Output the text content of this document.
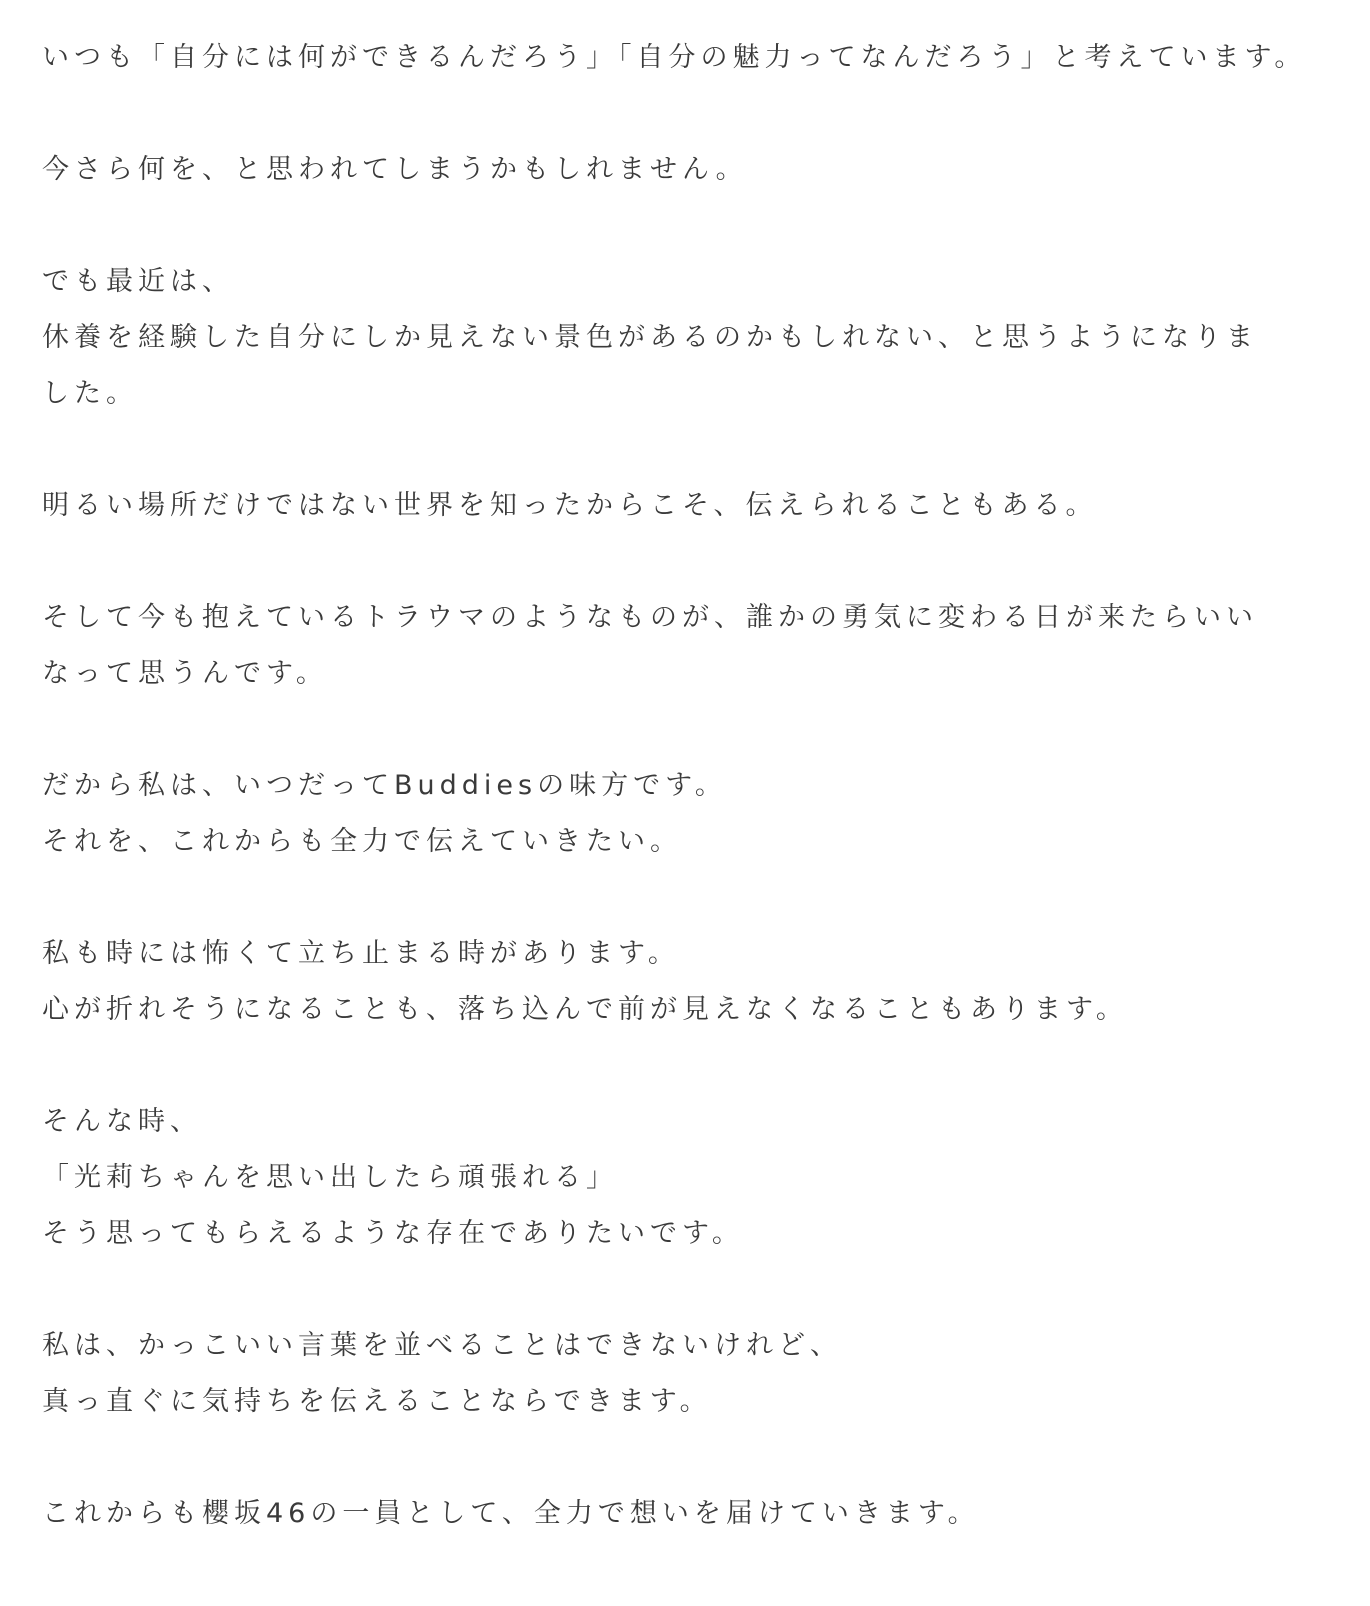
いつも「自分には何ができるんだろう」「自分の魅力ってなんだろう」と考えています。
今さら何を、と思われてしまうかもしれません。
でも最近は、
休養を経験した自分にしか見えない景色があるのかもしれない、と思うようになりま
した。
明るい場所だけではない世界を知ったからこそ、伝えられることもある。
そして今も抱えているトラウマのようなものが、誰かの勇気に変わる日が来たらいい
なって思うんです。
だから私は、いつだってBuddiesの味方です。
それを、これからも全力で伝えていきたい。
私も時には怖くて立ち止まる時があります。
心が折れそうになることも、落ち込んで前が見えなくなることもあります。
そんな時、
「光莉ちゃんを思い出したら頑張れる」
そう思ってもらえるような存在でありたいです。
私は、かっこいい言葉を並べることはできないけれど、
真っ直ぐに気持ちを伝えることならできます。
これからも櫻坂46の一員として、全力で想いを届けていきます。
